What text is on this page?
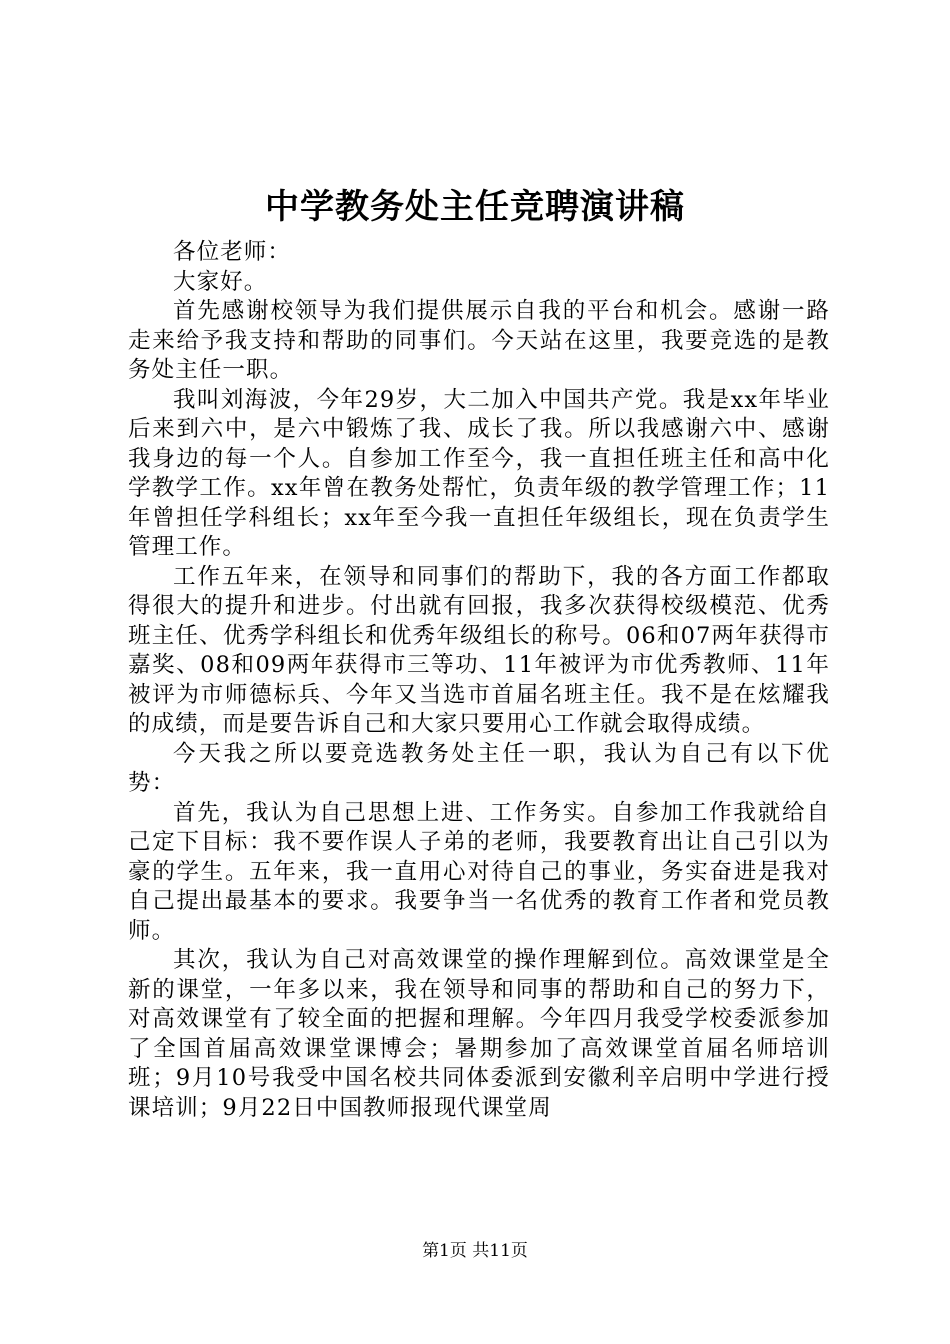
中学教务处主任竞聘演讲稿

各位老师：

大家好。

首先感谢校领导为我们提供展示自我的平台和机会。感谢一路走来给予我支持和帮助的同事们。今天站在这里，我要竞选的是教务处主任一职。

我叫刘海波，今年29岁，大二加入中国共产党。我是xx年毕业后来到六中，是六中锻炼了我、成长了我。所以我感谢六中、感谢我身边的每一个人。自参加工作至今，我一直担任班主任和高中化学教学工作。xx年曾在教务处帮忙，负责年级的教学管理工作；11年曾担任学科组长；xx年至今我一直担任年级组长，现在负责学生管理工作。

工作五年来，在领导和同事们的帮助下，我的各方面工作都取得很大的提升和进步。付出就有回报，我多次获得校级模范、优秀班主任、优秀学科组长和优秀年级组长的称号。06和07两年获得市嘉奖、08和09两年获得市三等功、11年被评为市优秀教师、11年被评为市师德标兵、今年又当选市首届名班主任。我不是在炫耀我的成绩，而是要告诉自己和大家只要用心工作就会取得成绩。

今天我之所以要竞选教务处主任一职，我认为自己有以下优势：

首先，我认为自己思想上进、工作务实。自参加工作我就给自己定下目标：我不要作误人子弟的老师，我要教育出让自己引以为豪的学生。五年来，我一直用心对待自己的事业，务实奋进是我对自己提出最基本的要求。我要争当一名优秀的教育工作者和党员教师。

其次，我认为自己对高效课堂的操作理解到位。高效课堂是全新的课堂，一年多以来，我在领导和同事的帮助和自己的努力下，对高效课堂有了较全面的把握和理解。今年四月我受学校委派参加了全国首届高效课堂课博会；暑期参加了高效课堂首届名师培训班；9月10号我受中国名校共同体委派到安徽利辛启明中学进行授课培训；9月22日中国教师报现代课堂周

第1页 共11页
